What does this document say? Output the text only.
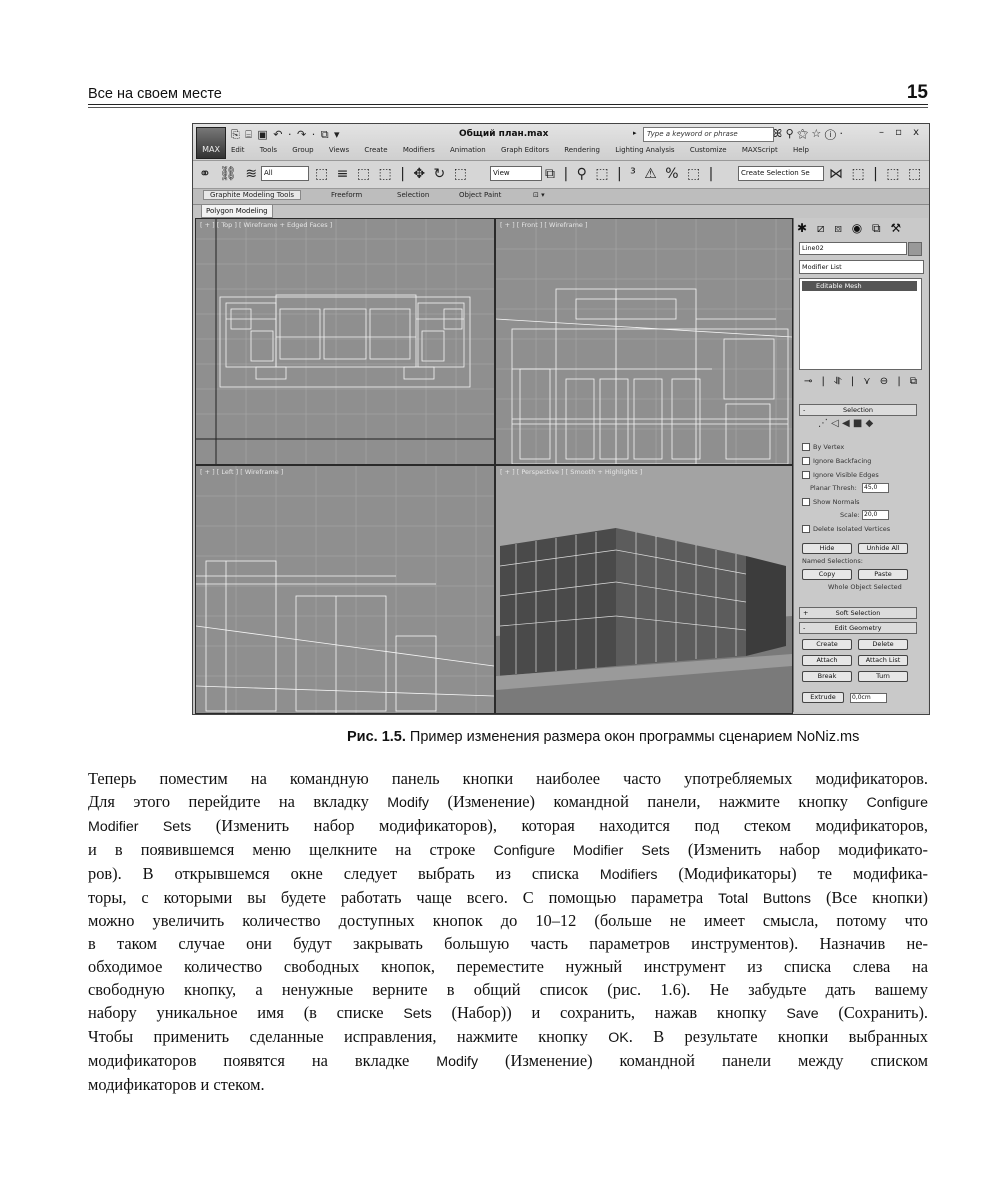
Все на своем месте	15
MAX
⎘ ⌸ ▣ ↶ · ↷ · ⧉ ▾	Общий план.max	▸	Type a keyword or phrase	ꕤ ⚲ ⚝ ☆ ⓘ ·	– ▫ x
Edit Tools Group Views Create Modifiers Animation Graph Editors Rendering Lighting Analysis Customize MAXScript Help
⚭ ⛓ ≋ All	⬚ ≡ ⬚ ⬚ | ✥ ↻ ⬚	View	⧉ | ⚲ ⬚ | ³ ⚠ % ⬚ |	Create Selection Se	⋈ ⬚ | ⬚ ⬚
Graphite Modeling Tools	Freeform	Selection	Object Paint	⊡ ▾
Polygon Modeling
[ + ] [ Top ] [ Wireframe + Edged Faces ]	[ + ] [ Front ] [ Wireframe ]
[ + ] [ Left ] [ Wireframe ]	[ + ] [ Perspective ] [ Smooth + Highlights ]
✱ ⧄ ⧇ ◉ ⧉ ⚒
Line02
Modifier List
Editable Mesh
⊸ | ⥯ | ⋎ ⊖ | ⧉
-	Selection
⋰ ◁ ◀ ■ ◆
By Vertex
Ignore Backfacing
Ignore Visible Edges
Planar Thresh:	45,0
Show Normals
Scale: 20,0
Delete Isolated Vertices
Hide	Unhide All
Named Selections:
Copy	Paste
Whole Object Selected
+	Soft Selection
-	Edit Geometry
Create	Delete
Attach	Attach List
Break	Turn
Extrude	0,0cm
Рис. 1.5. Пример изменения размера окон программы сценарием NoNiz.ms
Теперь поместим на командную панель кнопки наиболее часто употребляемых модификаторов.
Для этого перейдите на вкладку Modify (Изменение) командной панели, нажмите кнопку Configure
Modifier Sets (Изменить набор модификаторов), которая находится под стеком модификаторов,
и в появившемся меню щелкните на строке Configure Modifier Sets (Изменить набор модификато-
ров). В открывшемся окне следует выбрать из списка Modifiers (Модификаторы) те модифика-
торы, с которыми вы будете работать чаще всего. С помощью параметра Total Buttons (Все кнопки)
можно увеличить количество доступных кнопок до 10–12 (больше не имеет смысла, потому что
в таком случае они будут закрывать большую часть параметров инструментов). Назначив не-
обходимое количество свободных кнопок, переместите нужный инструмент из списка слева на
свободную кнопку, а ненужные верните в общий список (рис. 1.6). Не забудьте дать вашему
набору уникальное имя (в списке Sets (Набор)) и сохранить, нажав кнопку Save (Сохранить).
Чтобы применить сделанные исправления, нажмите кнопку OK. В результате кнопки выбранных
модификаторов появятся на вкладке Modify (Изменение) командной панели между списком
модификаторов и стеком.
